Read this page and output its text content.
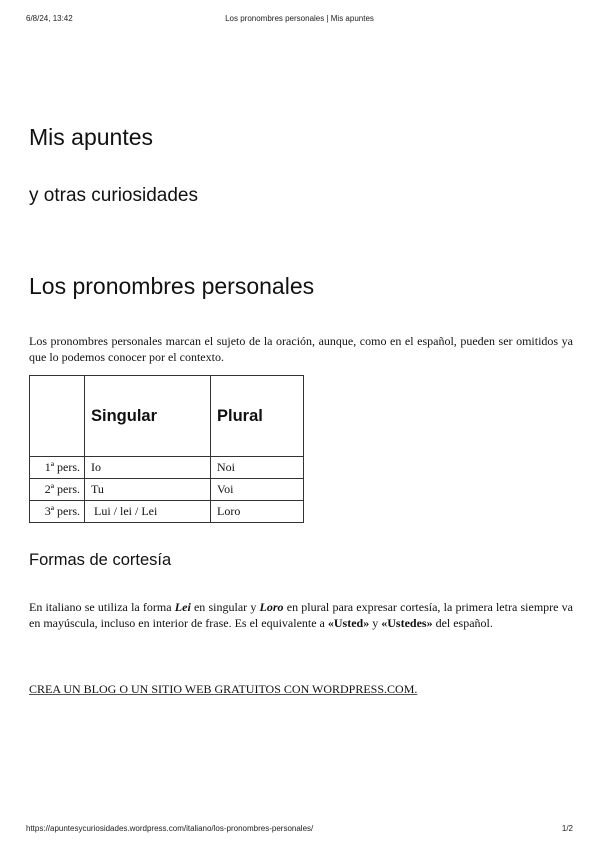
6/8/24, 13:42	Los pronombres personales | Mis apuntes
Mis apuntes
y otras curiosidades
Los pronombres personales

Los pronombres personales marcan el sujeto de la oración, aunque, como en el español, pueden ser omitidos ya que lo podemos conocer por el contexto.

	Singular	Plural
1ª pers.	Io	Noi
2ª pers.	Tu	Voi
3ª pers.	Lui / lei / Lei	Loro
Formas de cortesía

En italiano se utiliza la forma Lei en singular y Loro en plural para expresar cortesía, la primera letra siempre va en mayúscula, incluso en interior de frase. Es el equivalente a «Usted» y «Ustedes» del español.

CREA UN BLOG O UN SITIO WEB GRATUITOS CON WORDPRESS.COM.
https://apuntesycuriosidades.wordpress.com/italiano/los-pronombres-personales/	1/2
